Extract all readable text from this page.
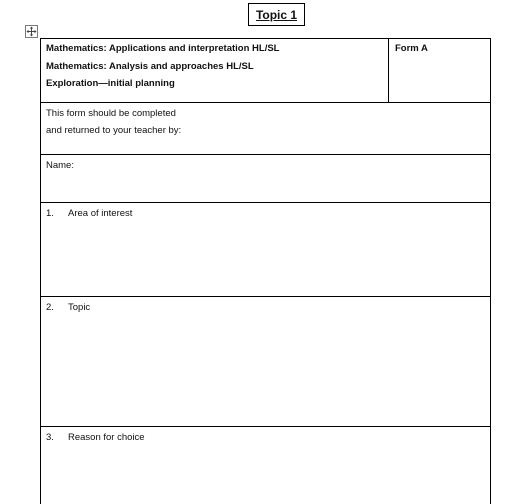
Topic 1
Mathematics: Applications and interpretation HL/SL
Mathematics: Analysis and approaches HL/SL
Exploration—initial planning
Form A
This form should be completed
and returned to your teacher by:
Name:
1. Area of interest
2. Topic
3. Reason for choice
